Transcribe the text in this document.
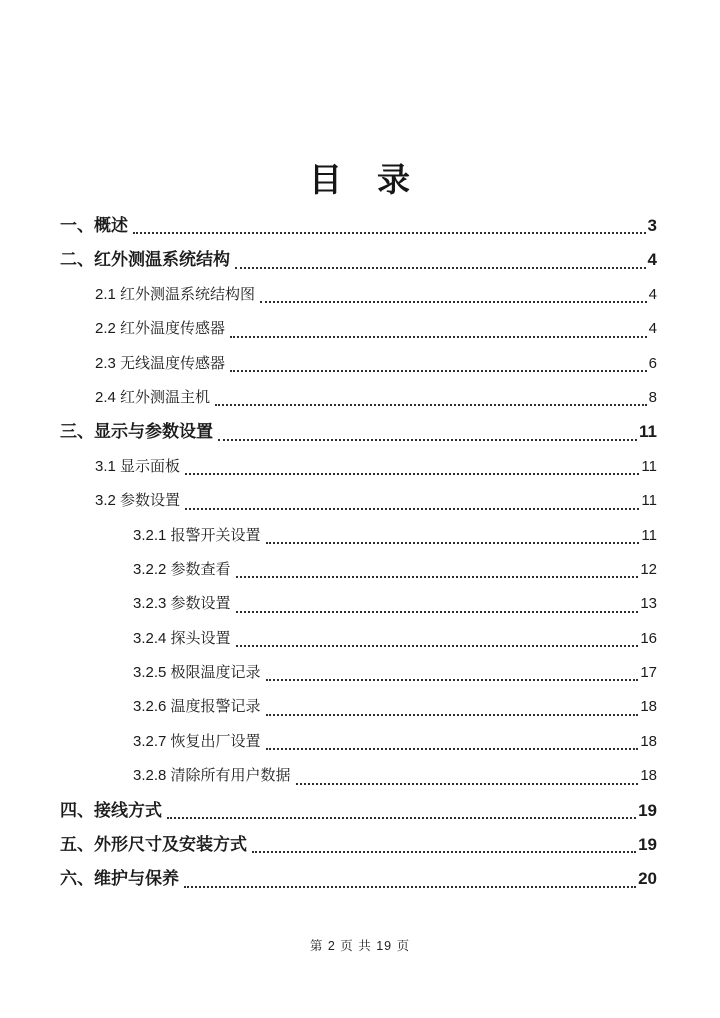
目　录
一、概述	3
二、红外测温系统结构	4
2.1 红外测温系统结构图	4
2.2 红外温度传感器	4
2.3 无线温度传感器	6
2.4 红外测温主机	8
三、显示与参数设置	11
3.1 显示面板	11
3.2 参数设置	11
3.2.1 报警开关设置	11
3.2.2 参数查看	12
3.2.3 参数设置	13
3.2.4 探头设置	16
3.2.5 极限温度记录	17
3.2.6 温度报警记录	18
3.2.7 恢复出厂设置	18
3.2.8 清除所有用户数据	18
四、接线方式	19
五、外形尺寸及安装方式	19
六、维护与保养	20
第 2 页 共 19 页
